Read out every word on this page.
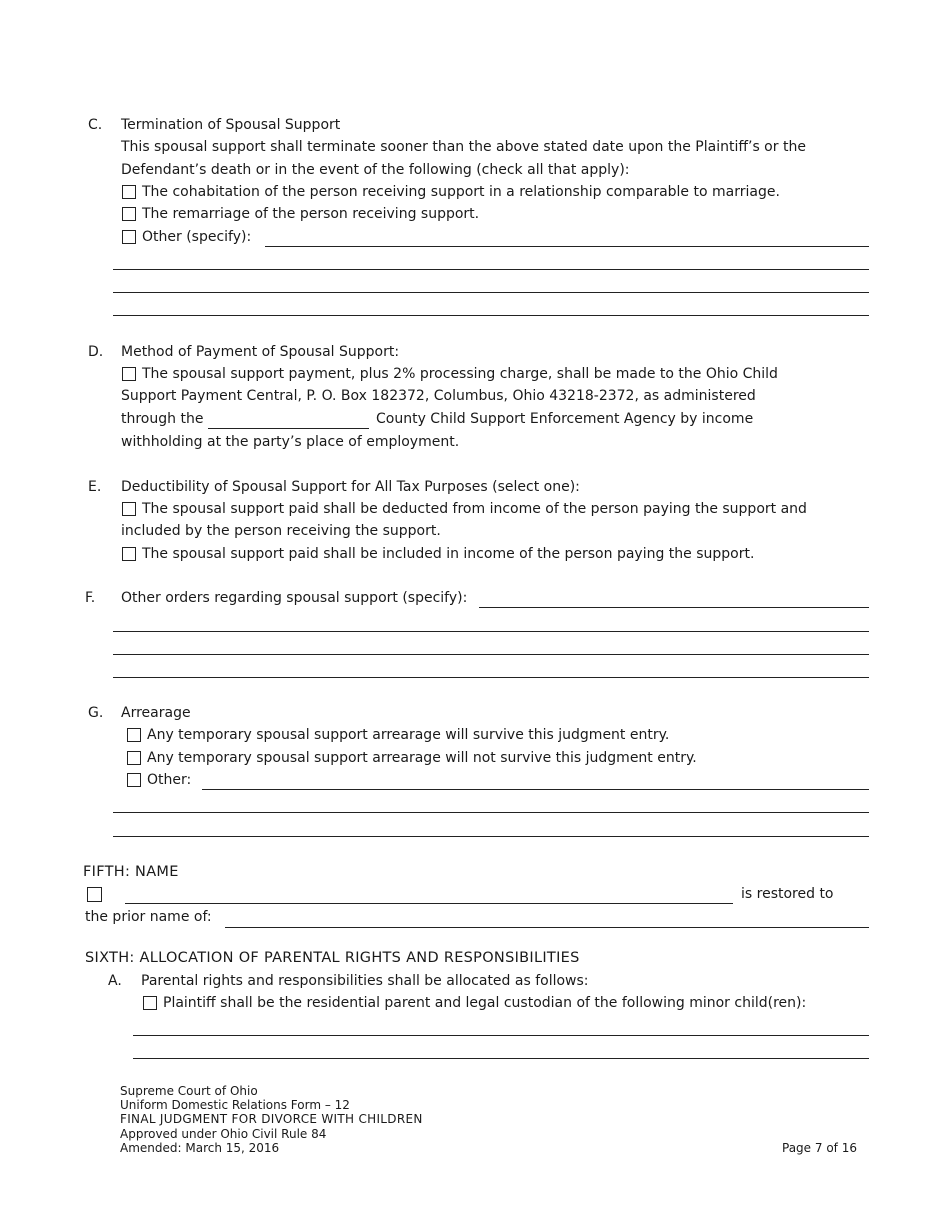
C. Termination of Spousal Support
This spousal support shall terminate sooner than the above stated date upon the Plaintiff’s or the
Defendant’s death or in the event of the following (check all that apply):
The cohabitation of the person receiving support in a relationship comparable to marriage.
The remarriage of the person receiving support.
Other (specify):
D. Method of Payment of Spousal Support:
The spousal support payment, plus 2% processing charge, shall be made to the Ohio Child
Support Payment Central, P. O. Box 182372, Columbus, Ohio 43218-2372, as administered
through the	County Child Support Enforcement Agency by income
withholding at the party’s place of employment.
E. Deductibility of Spousal Support for All Tax Purposes (select one):
The spousal support paid shall be deducted from income of the person paying the support and
included by the person receiving the support.
The spousal support paid shall be included in income of the person paying the support.
F. Other orders regarding spousal support (specify):
G. Arrearage
Any temporary spousal support arrearage will survive this judgment entry.
Any temporary spousal support arrearage will not survive this judgment entry.
Other:
FIFTH: NAME
is restored to
the prior name of:
SIXTH: ALLOCATION OF PARENTAL RIGHTS AND RESPONSIBILITIES
A. Parental rights and responsibilities shall be allocated as follows:
Plaintiff shall be the residential parent and legal custodian of the following minor child(ren):
Supreme Court of Ohio
Uniform Domestic Relations Form – 12
FINAL JUDGMENT FOR DIVORCE WITH CHILDREN
Approved under Ohio Civil Rule 84
Amended: March 15, 2016	Page 7 of 16
